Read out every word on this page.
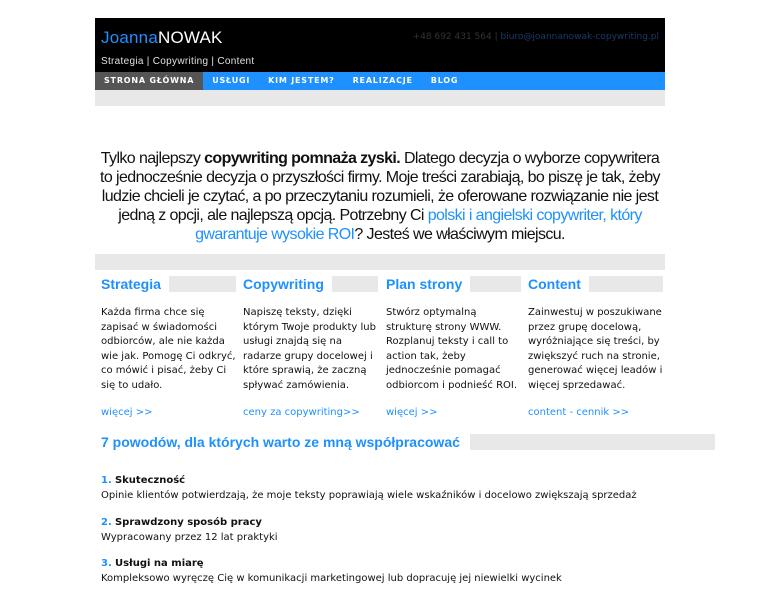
JoannaNOWAK
Strategia | Copywriting | Content
+48 692 431 564 | biuro@joannanowak-copywriting.pl
STRONA GŁÓWNA	USŁUGI	KIM JESTEM?	REALIZACJE	BLOG
Tylko najlepszy copywriting pomnaża zyski. Dlatego decyzja o wyborze copywritera to jednocześnie decyzja o przyszłości firmy. Moje treści zarabiają, bo piszę je tak, żeby ludzie chcieli je czytać, a po przeczytaniu rozumieli, że oferowane rozwiązanie nie jest jedną z opcji, ale najlepszą opcją. Potrzebny Ci polski i angielski copywriter, który gwarantuje wysokie ROI? Jesteś we właściwym miejscu.
Strategia
Każda firma chce się zapisać w świadomości odbiorców, ale nie każda wie jak. Pomogę Ci odkryć, co mówić i pisać, żeby Ci się to udało.
więcej >>
Copywriting
Napiszę teksty, dzięki którym Twoje produkty lub usługi znajdą się na radarze grupy docelowej i które sprawią, że zaczną spływać zamówienia.
ceny za copywriting>>
Plan strony
Stwórz optymalną strukturę strony WWW. Rozplanuj teksty i call to action tak, żeby jednocześnie pomagać odbiorcom i podnieść ROI.
więcej >>
Content
Zainwestuj w poszukiwane przez grupę docelową, wyróżniające się treści, by zwiększyć ruch na stronie, generować więcej leadów i więcej sprzedawać.
content - cennik >>
7 powodów, dla których warto ze mną współpracować
1. Skuteczność
Opinie klientów potwierdzają, że moje teksty poprawiają wiele wskaźników i docelowo zwiększają sprzedaż
2. Sprawdzony sposób pracy
Wypracowany przez 12 lat praktyki
3. Usługi na miarę
Kompleksowo wyręczę Cię w komunikacji marketingowej lub dopracuję jej niewielki wycinek
